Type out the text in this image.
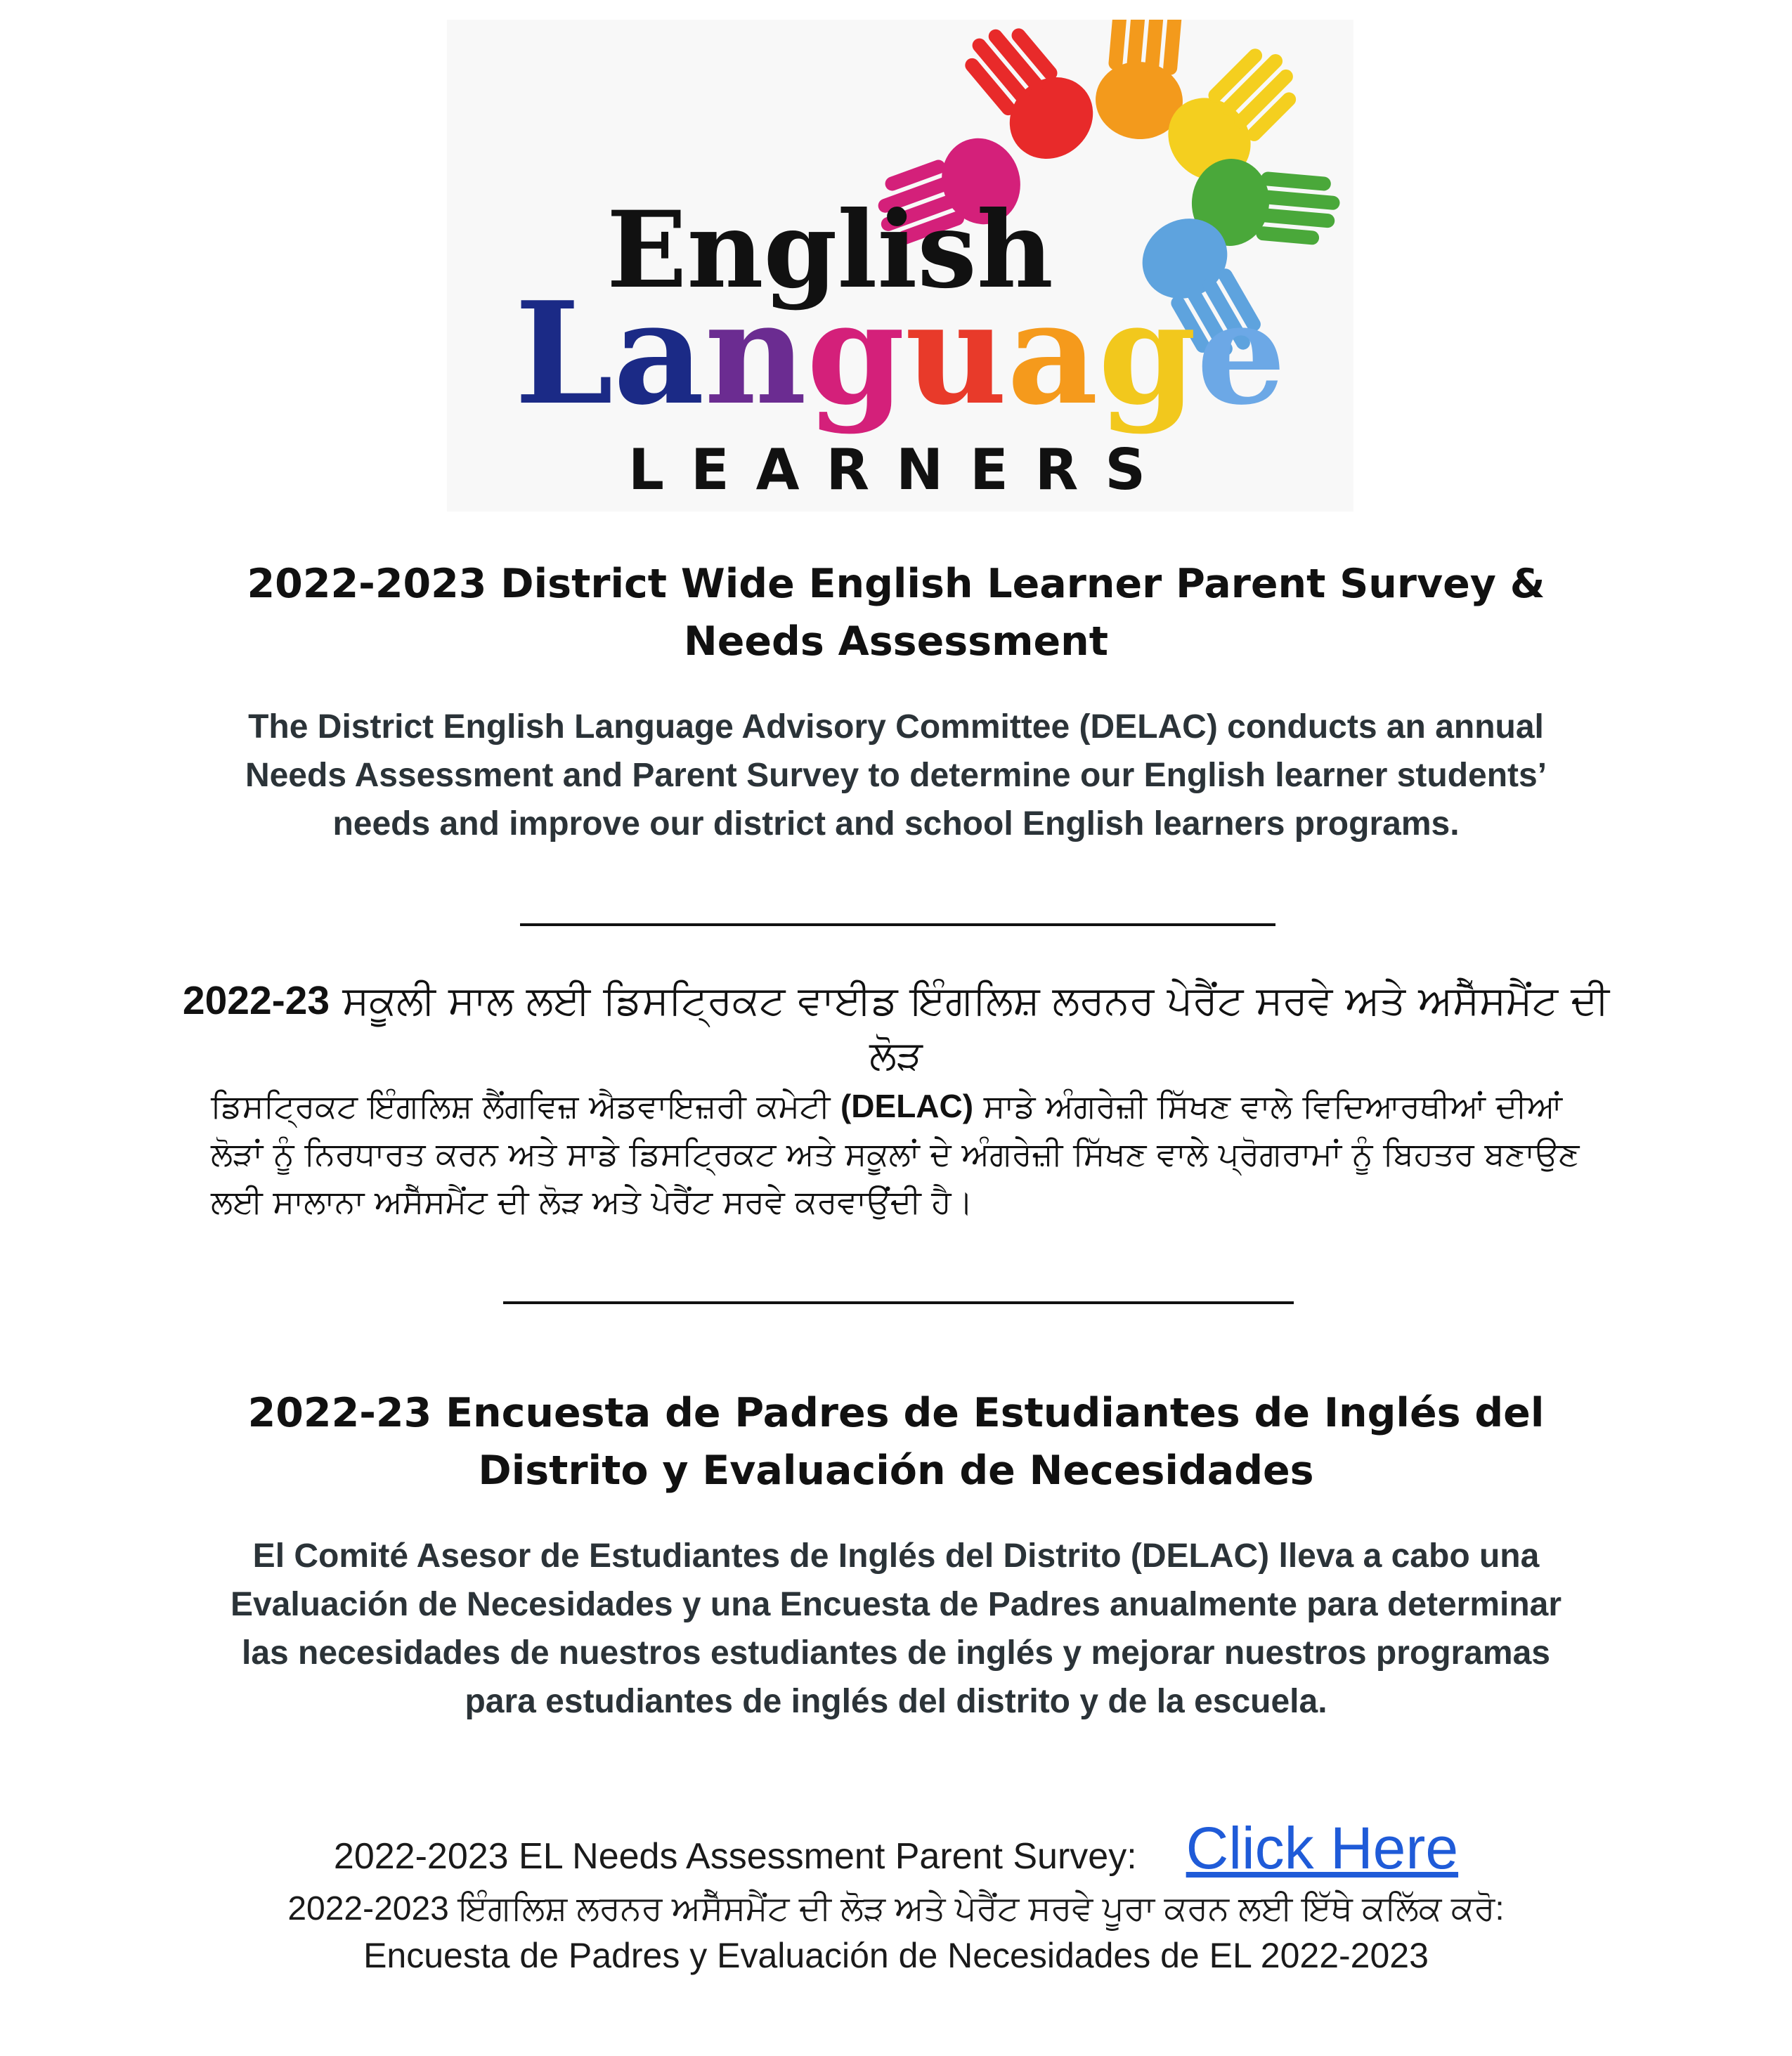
English
Language
LEARNERS
2022-2023 District Wide English Learner Parent Survey & Needs Assessment
The District English Language Advisory Committee (DELAC) conducts an annual Needs Assessment and Parent Survey to determine our English learner students’ needs and improve our district and school English learners programs.
2022-23 ਸਕੂਲੀ ਸਾਲ ਲਈ ਡਿਸਟ੍ਰਿਕਟ ਵਾਈਡ ਇੰਗਲਿਸ਼ ਲਰਨਰ ਪੇਰੈਂਟ ਸਰਵੇ ਅਤੇ ਅਸੈੱਸਮੈਂਟ ਦੀ ਲੋੜ
ਡਿਸਟ੍ਰਿਕਟ ਇੰਗਲਿਸ਼ ਲੈਂਗਵਿਜ਼ ਐਡਵਾਇਜ਼ਰੀ ਕਮੇਟੀ (DELAC) ਸਾਡੇ ਅੰਗਰੇਜ਼ੀ ਸਿੱਖਣ ਵਾਲੇ ਵਿਦਿਆਰਥੀਆਂ ਦੀਆਂ ਲੋੜਾਂ ਨੂੰ ਨਿਰਧਾਰਤ ਕਰਨ ਅਤੇ ਸਾਡੇ ਡਿਸਟ੍ਰਿਕਟ ਅਤੇ ਸਕੂਲਾਂ ਦੇ ਅੰਗਰੇਜ਼ੀ ਸਿੱਖਣ ਵਾਲੇ ਪ੍ਰੋਗਰਾਮਾਂ ਨੂੰ ਬਿਹਤਰ ਬਣਾਉਣ ਲਈ ਸਾਲਾਨਾ ਅਸੈੱਸਮੈਂਟ ਦੀ ਲੋੜ ਅਤੇ ਪੇਰੈਂਟ ਸਰਵੇ ਕਰਵਾਉਂਦੀ ਹੈ।
2022-23 Encuesta de Padres de Estudiantes de Inglés del Distrito y Evaluación de Necesidades
El Comité Asesor de Estudiantes de Inglés del Distrito (DELAC) lleva a cabo una Evaluación de Necesidades y una Encuesta de Padres anualmente para determinar las necesidades de nuestros estudiantes de inglés y mejorar nuestros programas para estudiantes de inglés del distrito y de la escuela.
2022-2023 EL Needs Assessment Parent Survey: Click Here
2022-2023 ਇੰਗਲਿਸ਼ ਲਰਨਰ ਅਸੈੱਸਮੈਂਟ ਦੀ ਲੋੜ ਅਤੇ ਪੇਰੈਂਟ ਸਰਵੇ ਪੂਰਾ ਕਰਨ ਲਈ ਇੱਥੇ ਕਲਿੱਕ ਕਰੋ:
Encuesta de Padres y Evaluación de Necesidades de EL 2022-2023
